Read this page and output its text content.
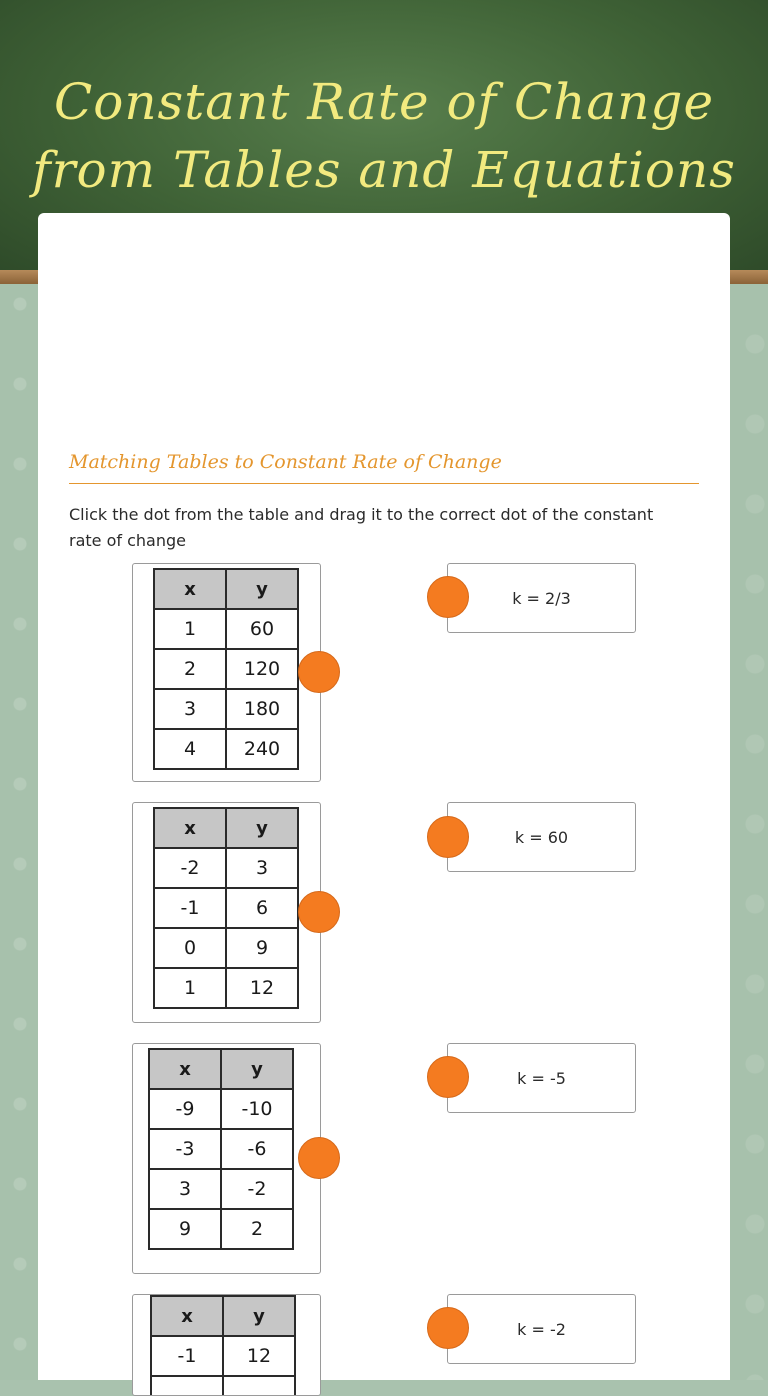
Constant Rate of Change
from Tables and Equations
Matching Tables to Constant Rate of Change

Click the dot from the table and drag it to the correct dot of the constant rate of change

x	y
1	60
2	120
3	180
4	240
k = 2/3
x	y
-2	3
-1	6
0	9
1	12
k = 60
x	y
-9	-10
-3	-6
3	-2
9	2
k = -5
x	y
-1	12

k = -2
